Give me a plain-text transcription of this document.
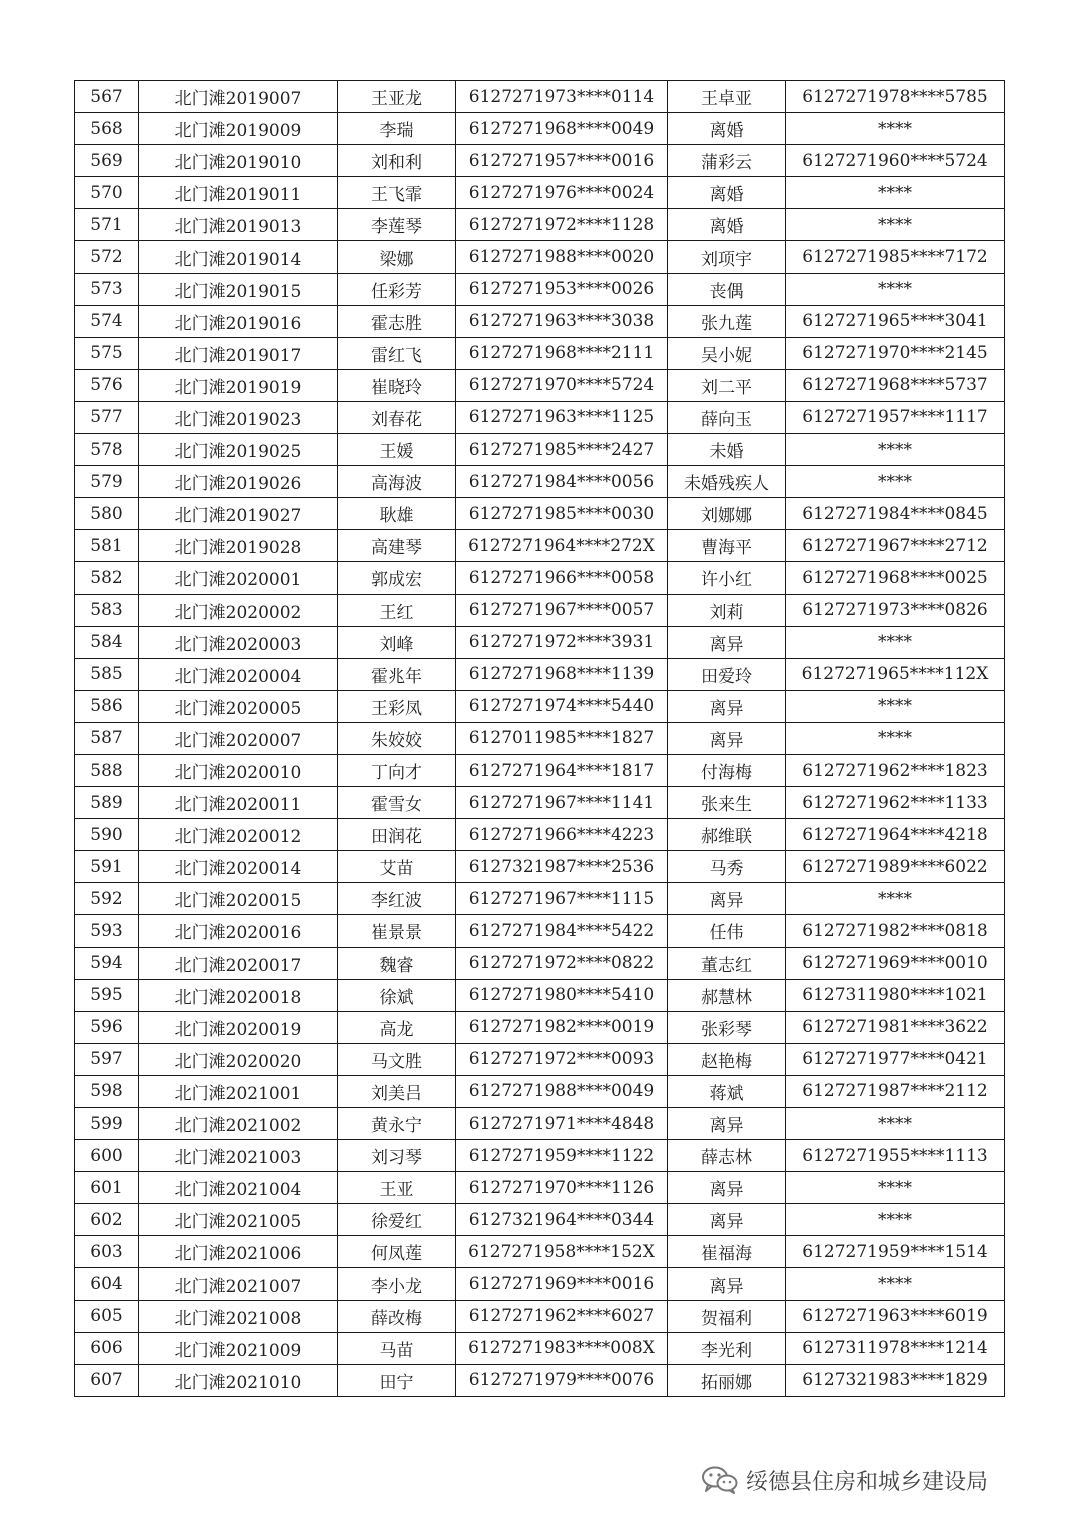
567	北门滩2019007	王亚龙	6127271973****0114	王卓亚	6127271978****5785
568	北门滩2019009	李瑞	6127271968****0049	离婚	****
569	北门滩2019010	刘和利	6127271957****0016	蒲彩云	6127271960****5724
570	北门滩2019011	王飞霏	6127271976****0024	离婚	****
571	北门滩2019013	李莲琴	6127271972****1128	离婚	****
572	北门滩2019014	梁娜	6127271988****0020	刘项宇	6127271985****7172
573	北门滩2019015	任彩芳	6127271953****0026	丧偶	****
574	北门滩2019016	霍志胜	6127271963****3038	张九莲	6127271965****3041
575	北门滩2019017	雷红飞	6127271968****2111	吴小妮	6127271970****2145
576	北门滩2019019	崔晓玲	6127271970****5724	刘二平	6127271968****5737
577	北门滩2019023	刘春花	6127271963****1125	薛向玉	6127271957****1117
578	北门滩2019025	王媛	6127271985****2427	未婚	****
579	北门滩2019026	高海波	6127271984****0056	未婚残疾人	****
580	北门滩2019027	耿雄	6127271985****0030	刘娜娜	6127271984****0845
581	北门滩2019028	高建琴	6127271964****272X	曹海平	6127271967****2712
582	北门滩2020001	郭成宏	6127271966****0058	许小红	6127271968****0025
583	北门滩2020002	王红	6127271967****0057	刘莉	6127271973****0826
584	北门滩2020003	刘峰	6127271972****3931	离异	****
585	北门滩2020004	霍兆年	6127271968****1139	田爱玲	6127271965****112X
586	北门滩2020005	王彩凤	6127271974****5440	离异	****
587	北门滩2020007	朱姣姣	6127011985****1827	离异	****
588	北门滩2020010	丁向才	6127271964****1817	付海梅	6127271962****1823
589	北门滩2020011	霍雪女	6127271967****1141	张来生	6127271962****1133
590	北门滩2020012	田润花	6127271966****4223	郝维联	6127271964****4218
591	北门滩2020014	艾苗	6127321987****2536	马秀	6127271989****6022
592	北门滩2020015	李红波	6127271967****1115	离异	****
593	北门滩2020016	崔景景	6127271984****5422	任伟	6127271982****0818
594	北门滩2020017	魏睿	6127271972****0822	董志红	6127271969****0010
595	北门滩2020018	徐斌	6127271980****5410	郝慧林	6127311980****1021
596	北门滩2020019	高龙	6127271982****0019	张彩琴	6127271981****3622
597	北门滩2020020	马文胜	6127271972****0093	赵艳梅	6127271977****0421
598	北门滩2021001	刘美吕	6127271988****0049	蒋斌	6127271987****2112
599	北门滩2021002	黄永宁	6127271971****4848	离异	****
600	北门滩2021003	刘习琴	6127271959****1122	薛志林	6127271955****1113
601	北门滩2021004	王亚	6127271970****1126	离异	****
602	北门滩2021005	徐爱红	6127321964****0344	离异	****
603	北门滩2021006	何凤莲	6127271958****152X	崔福海	6127271959****1514
604	北门滩2021007	李小龙	6127271969****0016	离异	****
605	北门滩2021008	薛改梅	6127271962****6027	贺福利	6127271963****6019
606	北门滩2021009	马苗	6127271983****008X	李光利	6127311978****1214
607	北门滩2021010	田宁	6127271979****0076	拓丽娜	6127321983****1829
绥德县住房和城乡建设局
